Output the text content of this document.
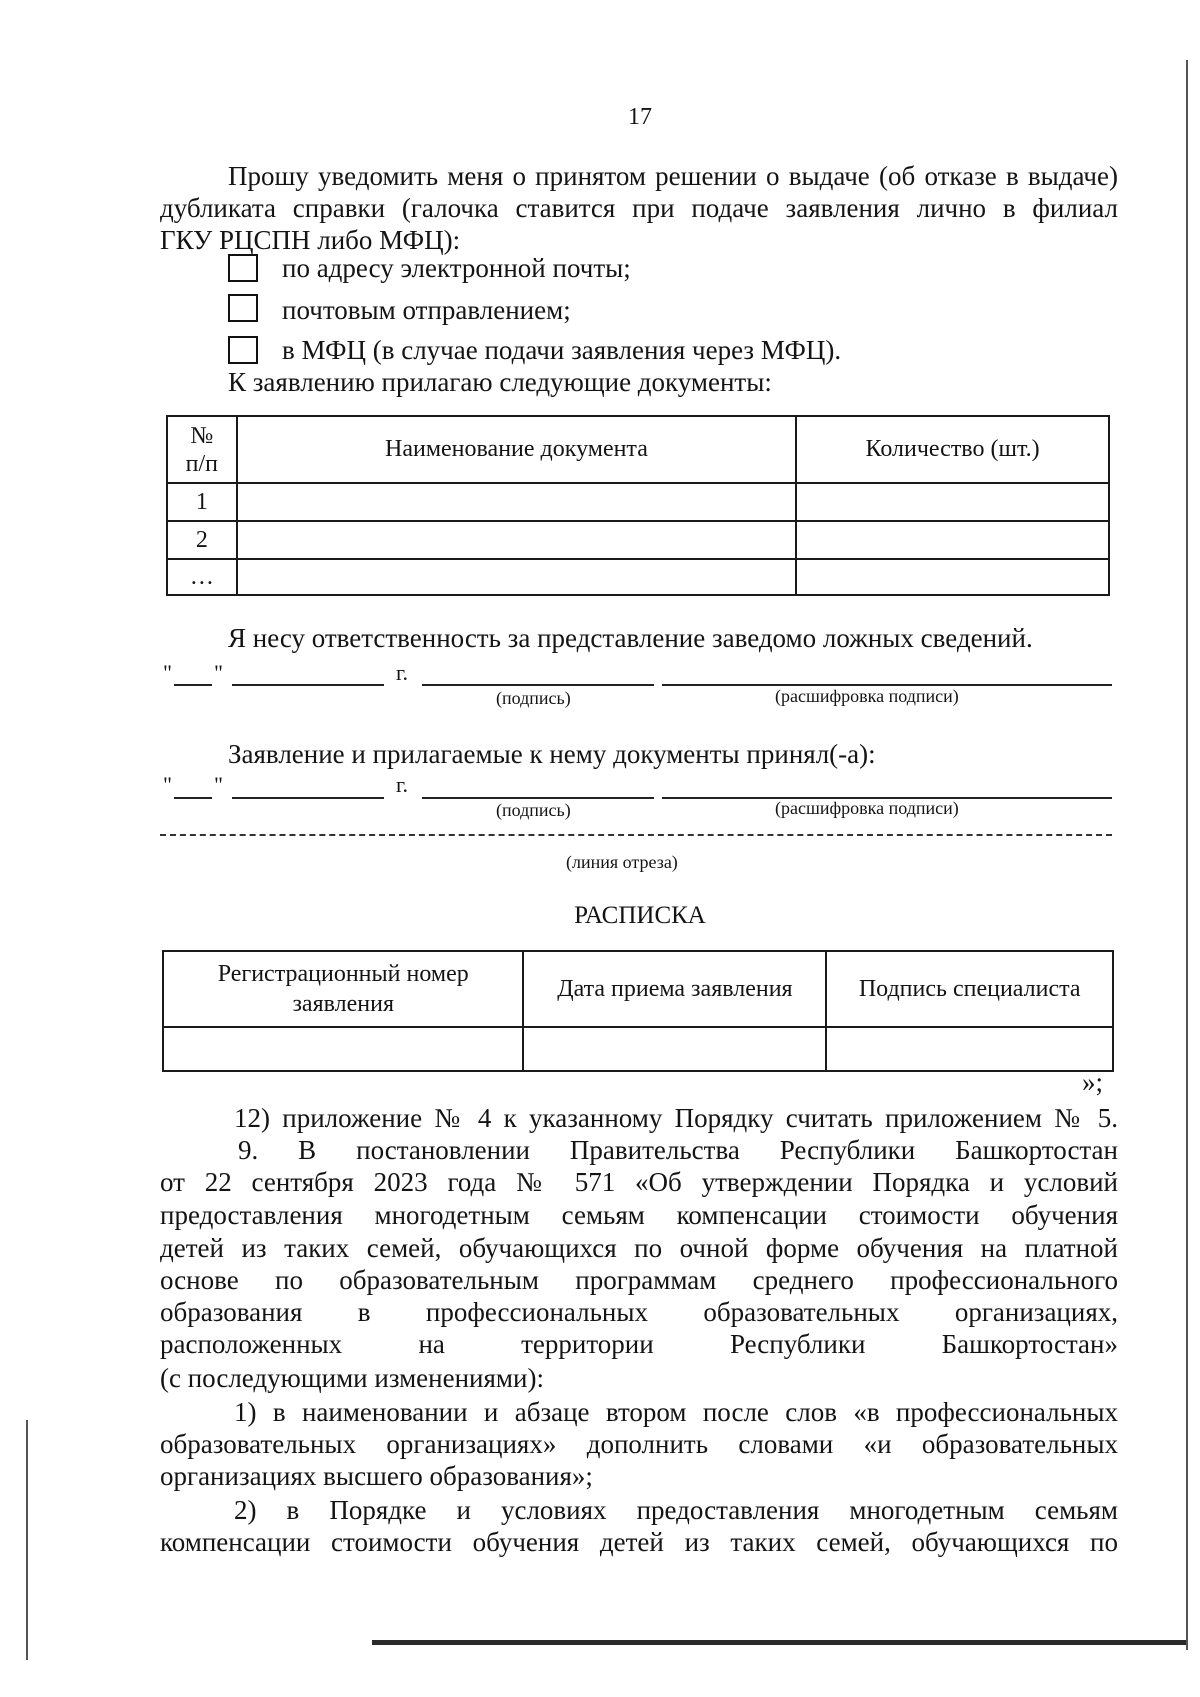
17
Прошу уведомить меня о принятом решении о выдаче (об отказе в выдаче)
дубликата справки (галочка ставится при подаче заявления лично в филиал
ГКУ РЦСПН либо МФЦ):
по адресу электронной почты;
почтовым отправлением;
в МФЦ (в случае подачи заявления через МФЦ).
К заявлению прилагаю следующие документы:
№
п/п	Наименование документа	Количество (шт.)
1		
2		
…		
Я несу ответственность за представление заведомо ложных сведений.
" "	г.
(подпись)	(расшифровка подписи)
Заявление и прилагаемые к нему документы принял(-а):
" "	г.
(подпись)	(расшифровка подписи)
(линия отреза)
РАСПИСКА
Регистрационный номер заявления	Дата приема заявления	Подпись специалиста

»;
12) приложение № 4 к указанному Порядку считать приложением № 5.
9. В постановлении Правительства Республики Башкортостан
от 22 сентября 2023 года № 571 «Об утверждении Порядка и условий
предоставления многодетным семьям компенсации стоимости обучения
детей из таких семей, обучающихся по очной форме обучения на платной
основе по образовательным программам среднего профессионального
образования в профессиональных образовательных организациях,
расположенных на территории Республики Башкортостан»
(с последующими изменениями):
1) в наименовании и абзаце втором после слов «в профессиональных
образовательных организациях» дополнить словами «и образовательных
организациях высшего образования»;
2) в Порядке и условиях предоставления многодетным семьям
компенсации стоимости обучения детей из таких семей, обучающихся по
